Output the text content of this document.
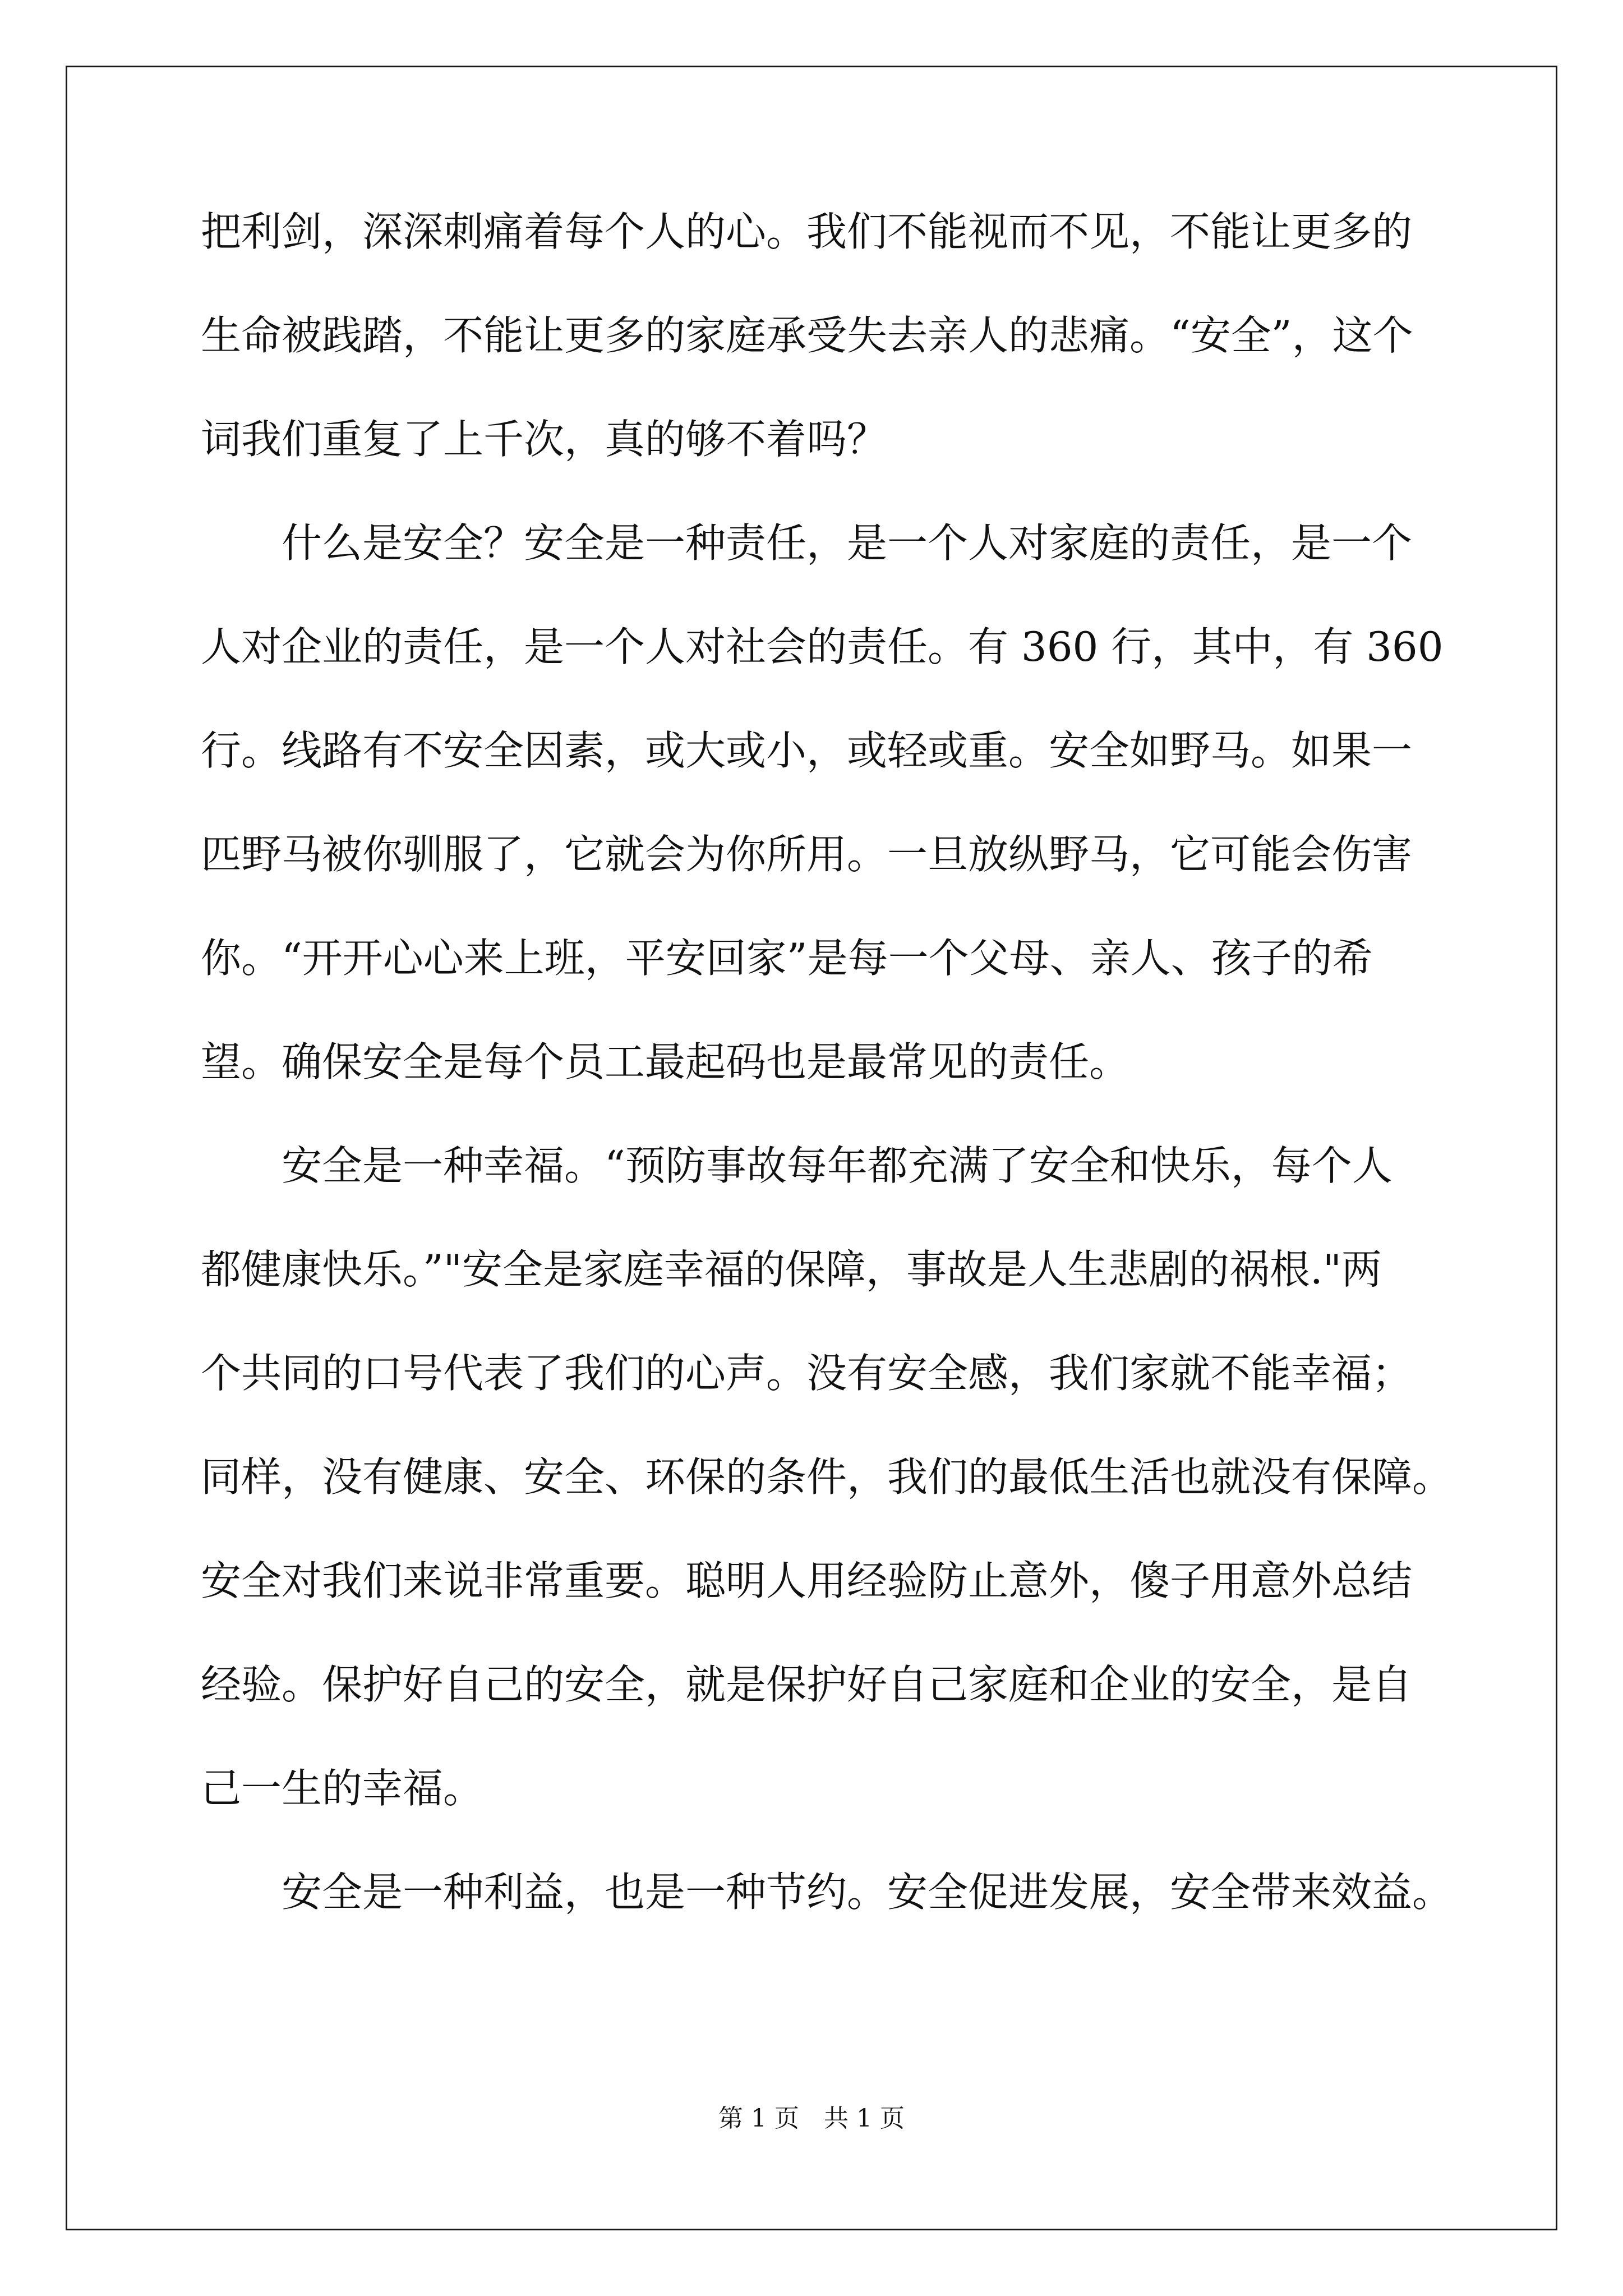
把利剑，深深刺痛着每个人的心。我们不能视而不见，不能让更多的
生命被践踏，不能让更多的家庭承受失去亲人的悲痛。“安全”，这个
词我们重复了上千次，真的够不着吗？
什么是安全？安全是一种责任，是一个人对家庭的责任，是一个
人对企业的责任，是一个人对社会的责任。有 360 行，其中，有 360
行。线路有不安全因素，或大或小，或轻或重。安全如野马。如果一
匹野马被你驯服了，它就会为你所用。一旦放纵野马，它可能会伤害
你。“开开心心来上班，平安回家”是每一个父母、亲人、孩子的希
望。确保安全是每个员工最起码也是最常见的责任。
安全是一种幸福。“预防事故每年都充满了安全和快乐，每个人
都健康快乐。”"安全是家庭幸福的保障，事故是人生悲剧的祸根."两
个共同的口号代表了我们的心声。没有安全感，我们家就不能幸福；
同样，没有健康、安全、环保的条件，我们的最低生活也就没有保障。
安全对我们来说非常重要。聪明人用经验防止意外，傻子用意外总结
经验。保护好自己的安全，就是保护好自己家庭和企业的安全，是自
己一生的幸福。
安全是一种利益，也是一种节约。安全促进发展，安全带来效益。
第 1 页　共 1 页
